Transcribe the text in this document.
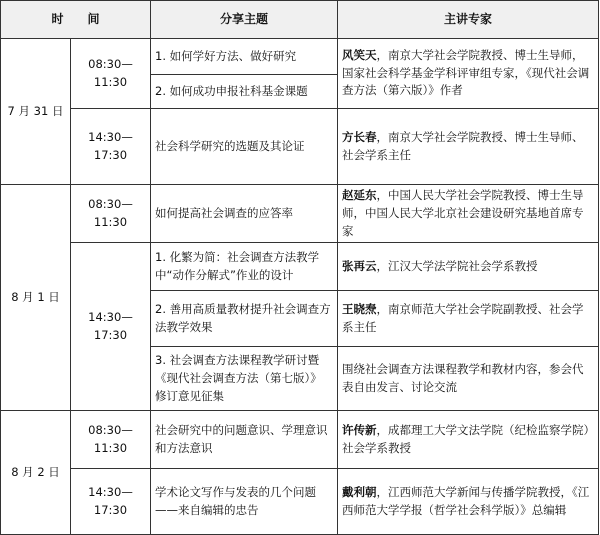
时　　间		分享主题	主讲专家
7 月 31 日	08:30—11:30	1. 如何学好方法、做好研究	风笑天，南京大学社会学院教授、博士生导师，国家社会科学基金学科评审组专家，《现代社会调查方法（第六版）》作者
		2. 如何成功申报社科基金课题	
	14:30—17:30	社会科学研究的选题及其论证	方长春，南京大学社会学院教授、博士生导师、社会学系主任
8 月 1 日	08:30—11:30	如何提高社会调查的应答率	赵延东，中国人民大学社会学院教授、博士生导师，中国人民大学北京社会建设研究基地首席专家
	14:30—17:30	1. 化繁为简：社会调查方法教学中“动作分解式”作业的设计	张再云，江汉大学法学院社会学系教授
		2. 善用高质量教材提升社会调查方法教学效果	王晓焘，南京师范大学社会学院副教授、社会学系主任
		3. 社会调查方法课程教学研讨暨《现代社会调查方法（第七版）》修订意见征集	围绕社会调查方法课程教学和教材内容，参会代表自由发言、讨论交流
8 月 2 日	08:30—11:30	社会研究中的问题意识、学理意识和方法意识	许传新，成都理工大学文法学院（纪检监察学院）社会学系教授
	14:30—17:30	学术论文写作与发表的几个问题——来自编辑的忠告	戴利朝，江西师范大学新闻与传播学院教授，《江西师范大学学报（哲学社会科学版）》总编辑
